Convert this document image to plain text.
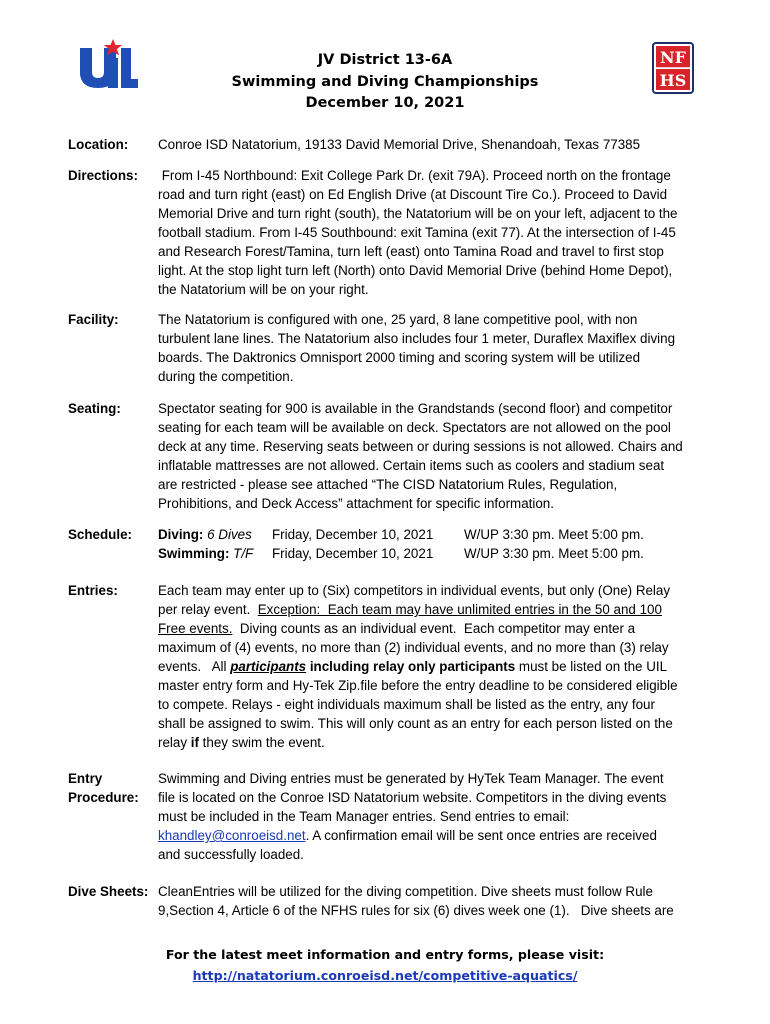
NF
HS
JV District 13-6A
Swimming and Diving Championships
December 10, 2021
Location: Conroe ISD Natatorium, 19133 David Memorial Drive, Shenandoah, Texas 77385
Directions: From I-45 Northbound: Exit College Park Dr. (exit 79A). Proceed north on the frontage
road and turn right (east) on Ed English Drive (at Discount Tire Co.). Proceed to David
Memorial Drive and turn right (south), the Natatorium will be on your left, adjacent to the
football stadium. From I-45 Southbound: exit Tamina (exit 77). At the intersection of I-45
and Research Forest/Tamina, turn left (east) onto Tamina Road and travel to first stop
light. At the stop light turn left (North) onto David Memorial Drive (behind Home Depot),
the Natatorium will be on your right.
Facility:	The Natatorium is configured with one, 25 yard, 8 lane competitive pool, with non
turbulent lane lines. The Natatorium also includes four 1 meter, Duraflex Maxiflex diving
boards. The Daktronics Omnisport 2000 timing and scoring system will be utilized
during the competition.
Seating:	Spectator seating for 900 is available in the Grandstands (second floor) and competitor
seating for each team will be available on deck. Spectators are not allowed on the pool
deck at any time. Reserving seats between or during sessions is not allowed. Chairs and
inflatable mattresses are not allowed. Certain items such as coolers and stadium seat
are restricted - please see attached “The CISD Natatorium Rules, Regulation,
Prohibitions, and Deck Access” attachment for specific information.
Schedule: Diving: 6 Dives Friday, December 10, 2021 W/UP 3:30 pm. Meet 5:00 pm.
Swimming: T/F Friday, December 10, 2021 W/UP 3:30 pm. Meet 5:00 pm.
Entries:	Each team may enter up to (Six) competitors in individual events, but only (One) Relay
per relay event.  Exception:  Each team may have unlimited entries in the 50 and 100
Free events.  Diving counts as an individual event.  Each competitor may enter a
maximum of (4) events, no more than (2) individual events, and no more than (3) relay
events.   All participants including relay only participants must be listed on the UIL
master entry form and Hy-Tek Zip.file before the entry deadline to be considered eligible
to compete. Relays - eight individuals maximum shall be listed as the entry, any four
shall be assigned to swim. This will only count as an entry for each person listed on the
relay if they swim the event.
Entry
Procedure:
Swimming and Diving entries must be generated by HyTek Team Manager. The event
file is located on the Conroe ISD Natatorium website. Competitors in the diving events
must be included in the Team Manager entries. Send entries to email:
khandley@conroeisd.net. A confirmation email will be sent once entries are received
and successfully loaded.
Dive Sheets: CleanEntries will be utilized for the diving competition. Dive sheets must follow Rule
9,Section 4, Article 6 of the NFHS rules for six (6) dives week one (1).   Dive sheets are
For the latest meet information and entry forms, please visit:
http://natatorium.conroeisd.net/competitive-aquatics/
